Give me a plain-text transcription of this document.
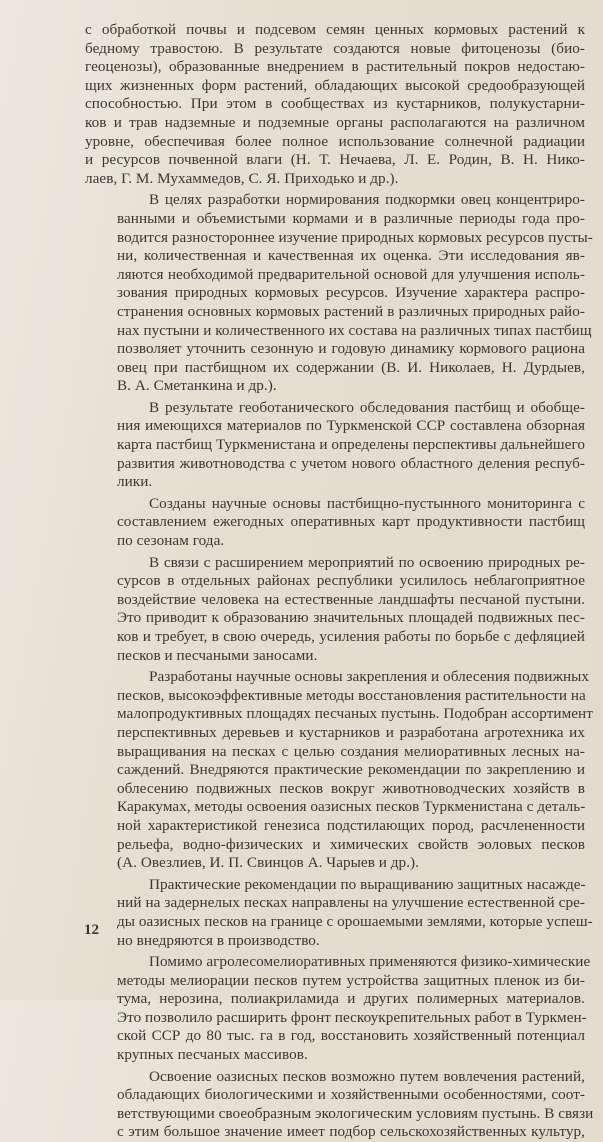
с обработкой почвы и подсевом семян ценных кормовых растений к
бедному травостою. В результате создаются новые фитоценозы (био-
геоценозы), образованные внедрением в растительный покров недостаю-
щих жизненных форм растений, обладающих высокой средообразующей
способностью. При этом в сообществах из кустарников, полукустарни-
ков и трав надземные и подземные органы располагаются на различном
уровне, обеспечивая более полное использование солнечной радиации
и ресурсов почвенной влаги (Н. Т. Нечаева, Л. Е. Родин, В. Н. Нико-
лаев, Г. М. Мухаммедов, С. Я. Приходько и др.).
В целях разработки нормирования подкормки овец концентриро-
ванными и объемистыми кормами и в различные периоды года про-
водится разностороннее изучение природных кормовых ресурсов пусты-
ни, количественная и качественная их оценка. Эти исследования яв-
ляются необходимой предварительной основой для улучшения исполь-
зования природных кормовых ресурсов. Изучение характера распро-
странения основных кормовых растений в различных природных райо-
нах пустыни и количественного их состава на различных типах пастбищ
позволяет уточнить сезонную и годовую динамику кормового рациона
овец при пастбищном их содержании (В. И. Николаев, Н. Дурдыев,
В. А. Сметанкина и др.).
В результате геоботанического обследования пастбищ и обобще-
ния имеющихся материалов по Туркменской ССР составлена обзорная
карта пастбищ Туркменистана и определены перспективы дальнейшего
развития животноводства с учетом нового областного деления респуб-
лики.
Созданы научные основы пастбищно-пустынного мониторинга с
составлением ежегодных оперативных карт продуктивности пастбищ
по сезонам года.
В связи с расширением мероприятий по освоению природных ре-
сурсов в отдельных районах республики усилилось неблагоприятное
воздействие человека на естественные ландшафты песчаной пустыни.
Это приводит к образованию значительных площадей подвижных пес-
ков и требует, в свою очередь, усиления работы по борьбе с дефляцией
песков и песчаными заносами.
Разработаны научные основы закрепления и облесения подвижных
песков, высокоэффективные методы восстановления растительности на
малопродуктивных площадях песчаных пустынь. Подобран ассортимент
перспективных деревьев и кустарников и разработана агротехника их
выращивания на песках с целью создания мелиоративных лесных на-
саждений. Внедряются практические рекомендации по закреплению и
облесению подвижных песков вокруг животноводческих хозяйств в
Каракумах, методы освоения оазисных песков Туркменистана с деталь-
ной характеристикой генезиса подстилающих пород, расчлененности
рельефа, водно-физических и химических свойств эоловых песков
(А. Овезлиев, И. П. Свинцов А. Чарыев и др.).
Практические рекомендации по выращиванию защитных насажде-
ний на задернелых песках направлены на улучшение естественной сре-
ды оазисных песков на границе с орошаемыми землями, которые успеш-
но внедряются в производство.
Помимо агролесомелиоративных применяются физико-химические
методы мелиорации песков путем устройства защитных пленок из би-
тума, нерозина, полиакриламида и других полимерных материалов.
Это позволило расширить фронт пескоукрепительных работ в Туркмен-
ской ССР до 80 тыс. га в год, восстановить хозяйственный потенциал
крупных песчаных массивов.
Освоение оазисных песков возможно путем вовлечения растений,
обладающих биологическими и хозяйственными особенностями, соот-
ветствующими своеобразным экологическим условиям пустынь. В связи
с этим большое значение имеет подбор сельскохозяйственных культур,
12
